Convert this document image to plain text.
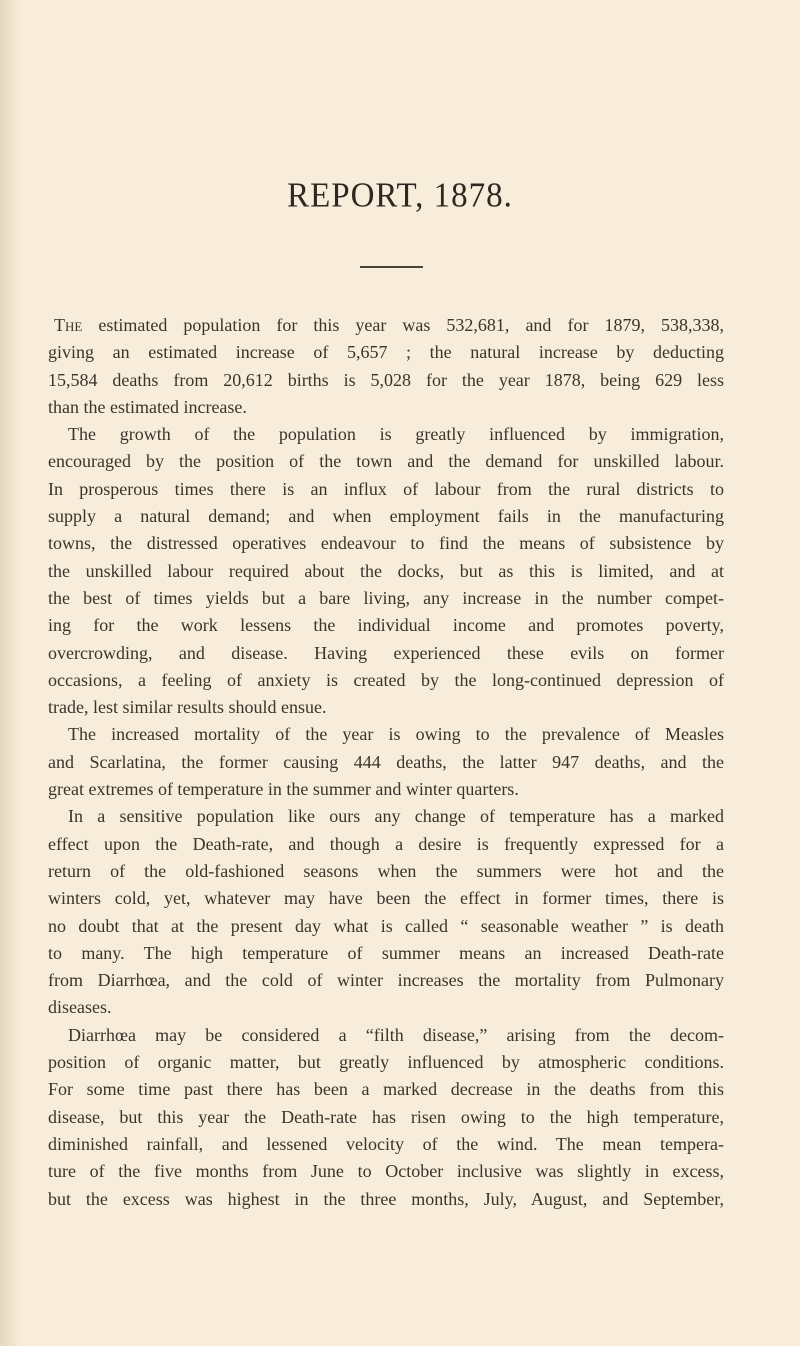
REPORT, 1878.
The estimated population for this year was 532,681, and for 1879, 538,338,
giving an estimated increase of 5,657 ; the natural increase by deducting
15,584 deaths from 20,612 births is 5,028 for the year 1878, being 629 less
than the estimated increase.
The growth of the population is greatly influenced by immigration,
encouraged by the position of the town and the demand for unskilled labour.
In prosperous times there is an influx of labour from the rural districts to
supply a natural demand; and when employment fails in the manufacturing
towns, the distressed operatives endeavour to find the means of subsistence by
the unskilled labour required about the docks, but as this is limited, and at
the best of times yields but a bare living, any increase in the number compet-
ing for the work lessens the individual income and promotes poverty,
overcrowding, and disease. Having experienced these evils on former
occasions, a feeling of anxiety is created by the long-continued depression of
trade, lest similar results should ensue.
The increased mortality of the year is owing to the prevalence of Measles
and Scarlatina, the former causing 444 deaths, the latter 947 deaths, and the
great extremes of temperature in the summer and winter quarters.
In a sensitive population like ours any change of temperature has a marked
effect upon the Death-rate, and though a desire is frequently expressed for a
return of the old-fashioned seasons when the summers were hot and the
winters cold, yet, whatever may have been the effect in former times, there is
no doubt that at the present day what is called “ seasonable weather ” is death
to many. The high temperature of summer means an increased Death-rate
from Diarrhœa, and the cold of winter increases the mortality from Pulmonary
diseases.
Diarrhœa may be considered a “filth disease,” arising from the decom-
position of organic matter, but greatly influenced by atmospheric conditions.
For some time past there has been a marked decrease in the deaths from this
disease, but this year the Death-rate has risen owing to the high temperature,
diminished rainfall, and lessened velocity of the wind. The mean tempera-
ture of the five months from June to October inclusive was slightly in excess,
but the excess was highest in the three months, July, August, and September,
